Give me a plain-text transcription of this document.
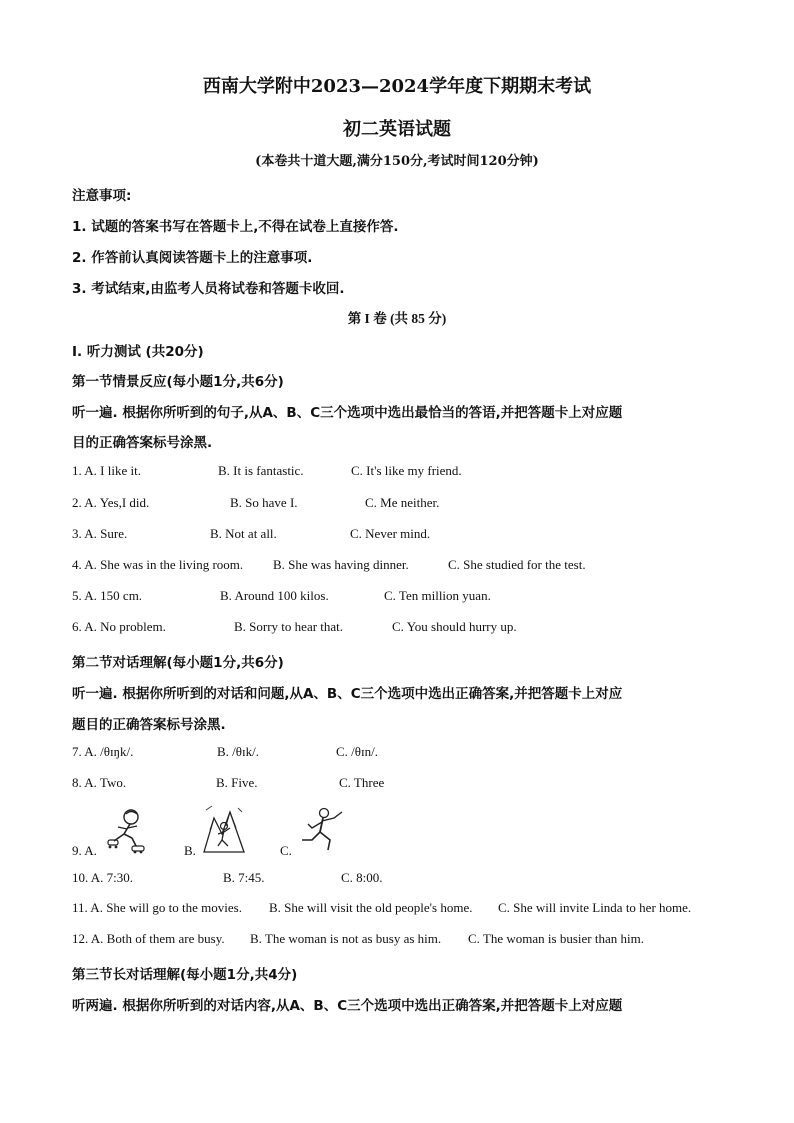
西南大学附中2023—2024学年度下期期末考试
初二英语试题
(本卷共十道大题,满分150分,考试时间120分钟)
注意事项:
1. 试题的答案书写在答题卡上,不得在试卷上直接作答.
2. 作答前认真阅读答题卡上的注意事项.
3. 考试结束,由监考人员将试卷和答题卡收回.
第 I 卷 (共 85 分)
I. 听力测试 (共20分)
第一节情景反应(每小题1分,共6分)
听一遍. 根据你所听到的句子,从A、B、C三个选项中选出最恰当的答语,并把答题卡上对应题
目的正确答案标号涂黑.
1. A. I like it.	B. It is fantastic.	C. It's like my friend.
2. A. Yes,I did.	B. So have I.	C. Me neither.
3. A. Sure.	B. Not at all.	C. Never mind.
4. A. She was in the living room. B. She was having dinner.	C. She studied for the test.
5. A. 150 cm.	B. Around 100 kilos.	C. Ten million yuan.
6. A. No problem.	B. Sorry to hear that.	C. You should hurry up.
第二节对话理解(每小题1分,共6分)
听一遍. 根据你所听到的对话和问题,从A、B、C三个选项中选出正确答案,并把答题卡上对应
题目的正确答案标号涂黑.
7. A. /θɪŋk/.	B. /θɪk/.	C. /θɪn/.
8. A. Two.	B. Five.	C. Three
9. A.	B.	C.
10. A. 7:30.	B. 7:45.	C. 8:00.
11. A. She will go to the movies. B. She will visit the old people's home. C. She will invite Linda to her home.
12. A. Both of them are busy. B. The woman is not as busy as him. C. The woman is busier than him.
第三节长对话理解(每小题1分,共4分)
听两遍. 根据你所听到的对话内容,从A、B、C三个选项中选出正确答案,并把答题卡上对应题
